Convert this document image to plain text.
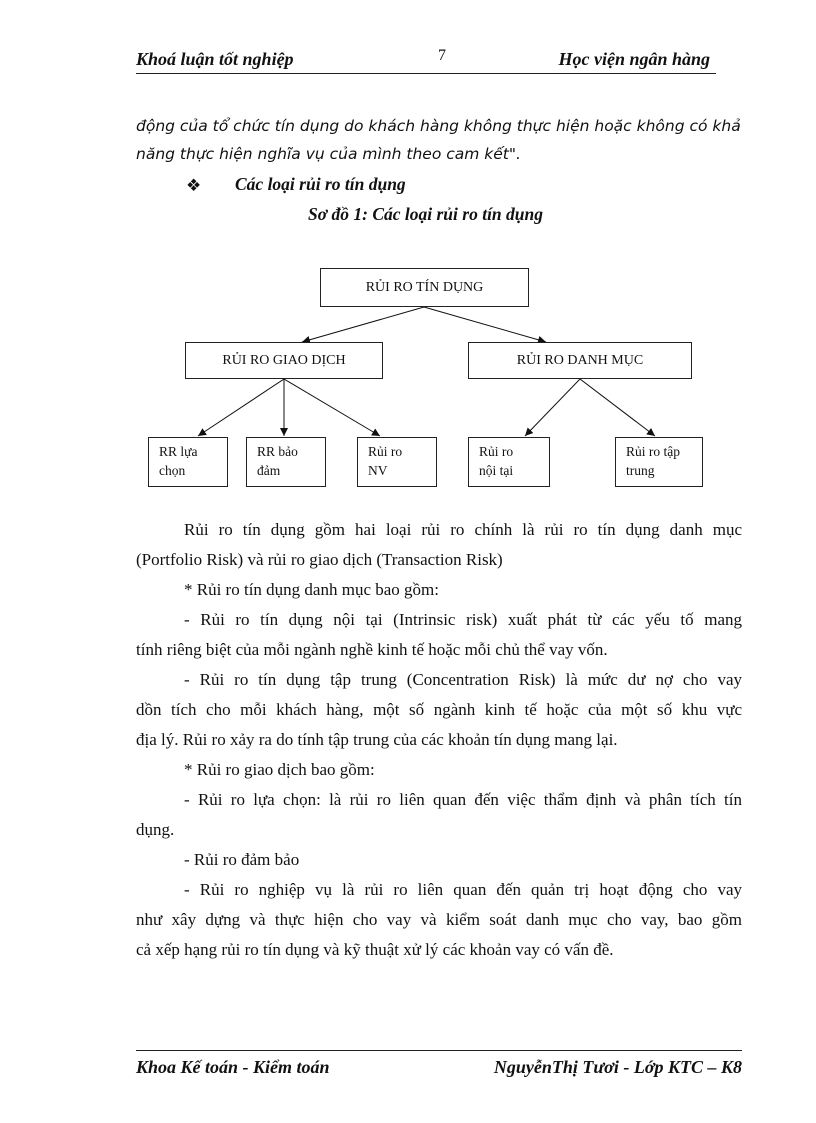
Khoá luận tốt nghiệp	7	Học viện ngân hàng
động của tổ chức tín dụng do khách hàng không thực hiện hoặc không có khả
năng thực hiện nghĩa vụ của mình theo cam kết".
❖ Các loại rủi ro tín dụng
Sơ đồ 1: Các loại rủi ro tín dụng
RỦI RO TÍN DỤNG
RỦI RO GIAO DỊCH	RỦI RO DANH MỤC
RR lựa
chọn
RR bảo
đảm
Rủi ro
NV
Rủi ro
nội tại
Rủi ro tập
trung
Rủi ro tín dụng gồm hai loại rủi ro chính là rủi ro tín dụng danh mục
(Portfolio Risk) và rủi ro giao dịch (Transaction Risk)
* Rủi ro tín dụng danh mục bao gồm:
- Rủi ro tín dụng nội tại (Intrinsic risk) xuất phát từ các yếu tố mang
tính riêng biệt của mỗi ngành nghề kinh tế hoặc mỗi chủ thể vay vốn.
- Rủi ro tín dụng tập trung (Concentration Risk) là mức dư nợ cho vay
dồn tích cho mỗi khách hàng, một số ngành kinh tế hoặc của một số khu vực
địa lý. Rủi ro xảy ra do tính tập trung của các khoản tín dụng mang lại.
* Rủi ro giao dịch bao gồm:
- Rủi ro lựa chọn: là rủi ro liên quan đến việc thẩm định và phân tích tín
dụng.
- Rủi ro đảm bảo
- Rủi ro nghiệp vụ là rủi ro liên quan đến quản trị hoạt động cho vay
như xây dựng và thực hiện cho vay và kiểm soát danh mục cho vay, bao gồm
cả xếp hạng rủi ro tín dụng và kỹ thuật xử lý các khoản vay có vấn đề.
Khoa Kế toán - Kiểm toán	NguyễnThị Tươi - Lớp KTC – K8
